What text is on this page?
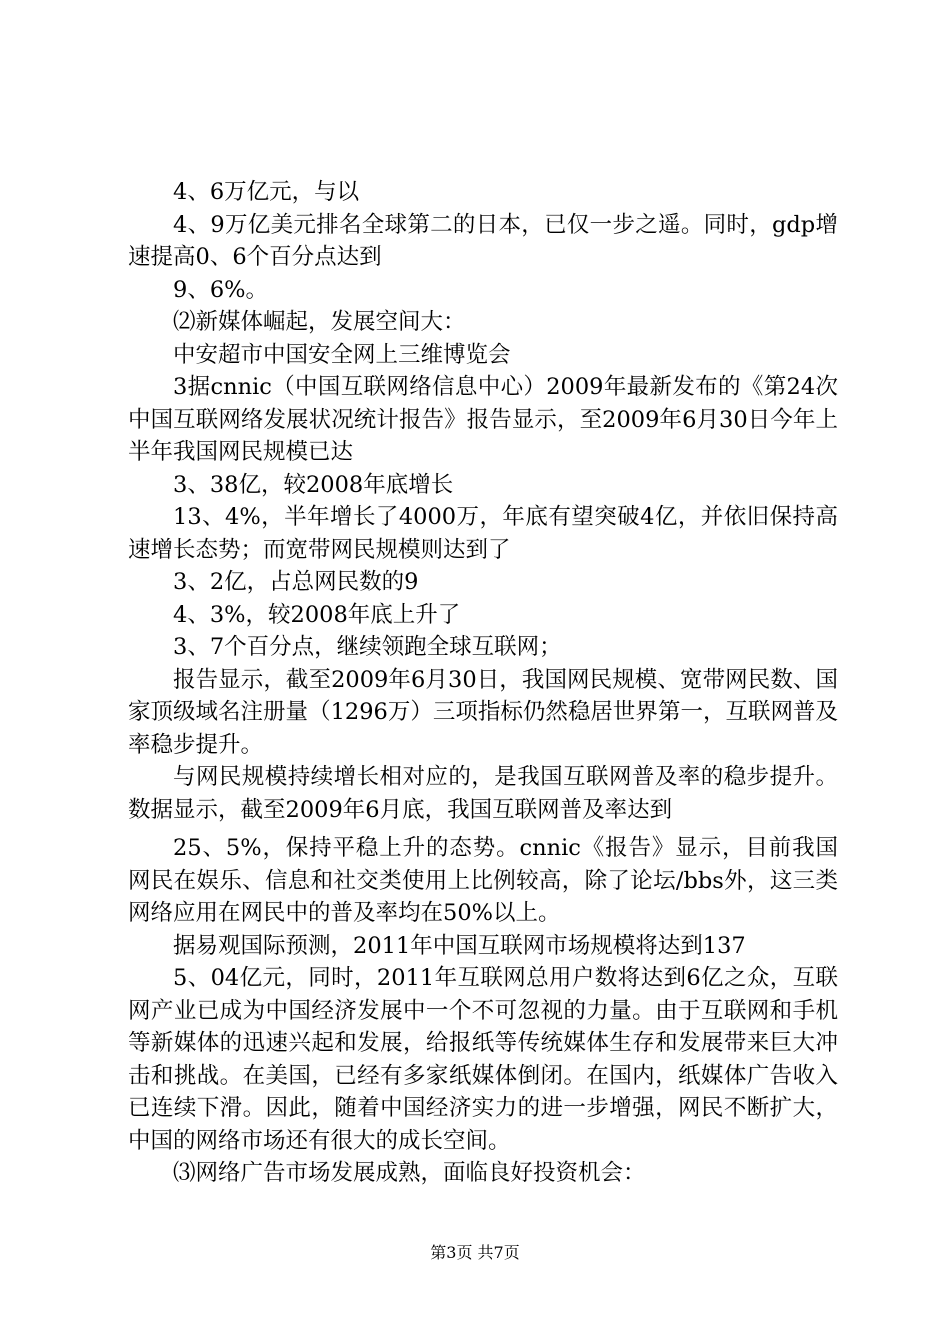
4、6万亿元，与以

4、9万亿美元排名全球第二的日本，已仅一步之遥。同时，gdp增速提高0、6个百分点达到

9、6%。

⑵新媒体崛起，发展空间大：

中安超市中国安全网上三维博览会

3据cnnic（中国互联网络信息中心）2009年最新发布的《第24次中国互联网络发展状况统计报告》报告显示，至2009年6月30日今年上半年我国网民规模已达

3、38亿，较2008年底增长

13、4%，半年增长了4000万，年底有望突破4亿，并依旧保持高速增长态势；而宽带网民规模则达到了

3、2亿，占总网民数的9

4、3%，较2008年底上升了

3、7个百分点，继续领跑全球互联网；

报告显示，截至2009年6月30日，我国网民规模、宽带网民数、国家顶级域名注册量（1296万）三项指标仍然稳居世界第一，互联网普及率稳步提升。

与网民规模持续增长相对应的，是我国互联网普及率的稳步提升。数据显示，截至2009年6月底，我国互联网普及率达到

25、5%，保持平稳上升的态势。cnnic《报告》显示，目前我国网民在娱乐、信息和社交类使用上比例较高，除了论坛/bbs外，这三类网络应用在网民中的普及率均在50%以上。

据易观国际预测，2011年中国互联网市场规模将达到137

5、04亿元，同时，2011年互联网总用户数将达到6亿之众，互联网产业已成为中国经济发展中一个不可忽视的力量。由于互联网和手机等新媒体的迅速兴起和发展，给报纸等传统媒体生存和发展带来巨大冲击和挑战。在美国，已经有多家纸媒体倒闭。在国内，纸媒体广告收入已连续下滑。因此，随着中国经济实力的进一步增强，网民不断扩大，中国的网络市场还有很大的成长空间。

⑶网络广告市场发展成熟，面临良好投资机会：

第3页 共7页
